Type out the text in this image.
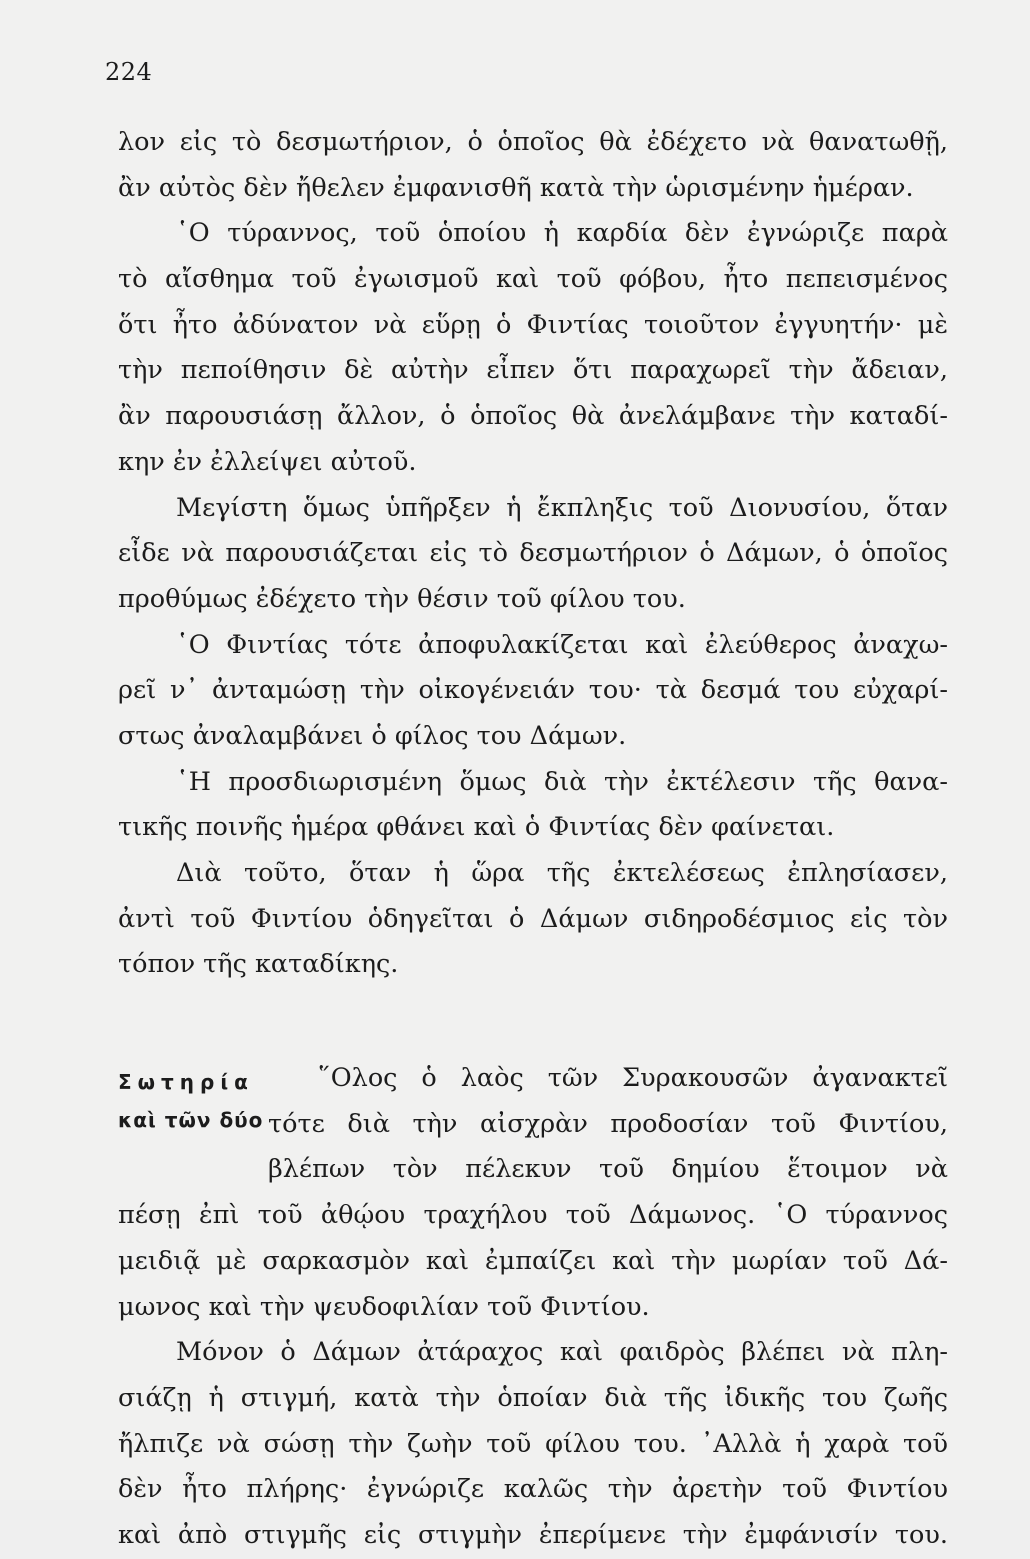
224
λον εἰς τὸ δεσμωτήριον, ὁ ὁποῖος θὰ ἐδέχετο νὰ θανατωθῇ,
ἂν αὐτὸς δὲν ἤθελεν ἐμφανισθῆ κατὰ τὴν ὡρισμένην ἡμέραν.
῾Ο τύραννος, τοῦ ὁποίου ἡ καρδία δὲν ἐγνώριζε παρὰ
τὸ αἴσθημα τοῦ ἐγωισμοῦ καὶ τοῦ φόβου, ἦτο πεπεισμένος
ὅτι ἦτο ἀδύνατον νὰ εὕρῃ ὁ Φιντίας τοιοῦτον ἐγγυητήν· μὲ
τὴν πεποίθησιν δὲ αὐτὴν εἶπεν ὅτι παραχωρεῖ τὴν ἄδειαν,
ἂν παρουσιάσῃ ἄλλον, ὁ ὁποῖος θὰ ἀνελάμβανε τὴν καταδί-
κην ἐν ἐλλείψει αὐτοῦ.
Μεγίστη ὅμως ὑπῆρξεν ἡ ἔκπληξις τοῦ Διονυσίου, ὅταν
εἶδε νὰ παρουσιάζεται εἰς τὸ δεσμωτήριον ὁ Δάμων, ὁ ὁποῖος
προθύμως ἐδέχετο τὴν θέσιν τοῦ φίλου του.
῾Ο Φιντίας τότε ἀποφυλακίζεται καὶ ἐλεύθερος ἀναχω-
ρεῖ ν᾿ ἀνταμώσῃ τὴν οἰκογένειάν του· τὰ δεσμά του εὐχαρί-
στως ἀναλαμβάνει ὁ φίλος του Δάμων.
῾Η προσδιωρισμένη ὅμως διὰ τὴν ἐκτέλεσιν τῆς θανα-
τικῆς ποινῆς ἡμέρα φθάνει καὶ ὁ Φιντίας δὲν φαίνεται.
Διὰ τοῦτο, ὅταν ἡ ὥρα τῆς ἐκτελέσεως ἐπλησίασεν,
ἀντὶ τοῦ Φιντίου ὁδηγεῖται ὁ Δάμων σιδηροδέσμιος εἰς τὸν
τόπον τῆς καταδίκης.
Σωτηρία
καὶ τῶν δύο
῞Ολος ὁ λαὸς τῶν Συρακουσῶν ἀγανακτεῖ
τότε διὰ τὴν αἰσχρὰν προδοσίαν τοῦ Φιντίου,
βλέπων τὸν πέλεκυν τοῦ δημίου ἕτοιμον νὰ
πέσῃ ἐπὶ τοῦ ἀθῴου τραχήλου τοῦ Δάμωνος. ῾Ο τύραννος
μειδιᾷ μὲ σαρκασμὸν καὶ ἐμπαίζει καὶ τὴν μωρίαν τοῦ Δά-
μωνος καὶ τὴν ψευδοφιλίαν τοῦ Φιντίου.
Μόνον ὁ Δάμων ἀτάραχος καὶ φαιδρὸς βλέπει νὰ πλη-
σιάζῃ ἡ στιγμή, κατὰ τὴν ὁποίαν διὰ τῆς ἰδικῆς του ζωῆς
ἤλπιζε νὰ σώσῃ τὴν ζωὴν τοῦ φίλου του. ᾿Αλλὰ ἡ χαρὰ τοῦ
δὲν ἦτο πλήρης· ἐγνώριζε καλῶς τὴν ἀρετὴν τοῦ Φιντίου
καὶ ἀπὸ στιγμῆς εἰς στιγμὴν ἐπερίμενε τὴν ἐμφάνισίν του.
